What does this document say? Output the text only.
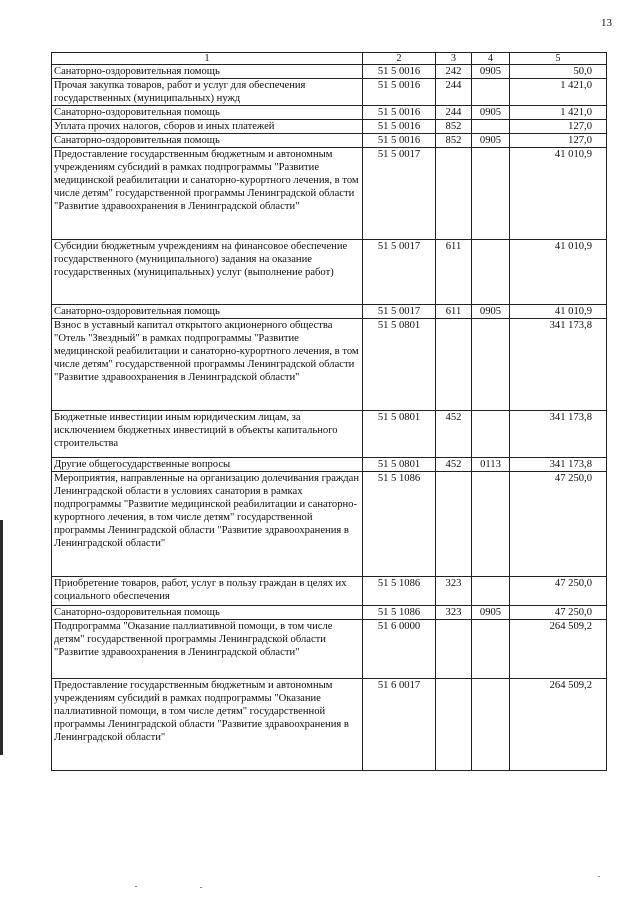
13
1	2	3	4	5
Санаторно-оздоровительная помощь	51 5 0016	242	0905	50,0
Прочая закупка товаров, работ и услуг для обеспечения государственных (муниципальных) нужд	51 5 0016	244		1 421,0
Санаторно-оздоровительная помощь	51 5 0016	244	0905	1 421,0
Уплата прочих налогов, сборов и иных платежей	51 5 0016	852		127,0
Санаторно-оздоровительная помощь	51 5 0016	852	0905	127,0
Предоставление государственным бюджетным и автономным учреждениям субсидий в рамках подпрограммы "Развитие медицинской реабилитации и санаторно-курортного лечения, в том числе детям" государственной программы Ленинградской области "Развитие здравоохранения в Ленинградской области"	51 5 0017			41 010,9
Субсидии бюджетным учреждениям на финансовое обеспечение государственного (муниципального) задания на оказание государственных (муниципальных) услуг (выполнение работ)	51 5 0017	611		41 010,9
Санаторно-оздоровительная помощь	51 5 0017	611	0905	41 010,9
Взнос в уставный капитал открытого акционерного общества "Отель "Звездный" в рамках подпрограммы "Развитие медицинской реабилитации и санаторно-курортного лечения, в том числе детям" государственной программы Ленинградской области "Развитие здравоохранения в Ленинградской области"	51 5 0801			341 173,8
Бюджетные инвестиции иным юридическим лицам, за исключением бюджетных инвестиций в объекты капитального строительства	51 5 0801	452		341 173,8
Другие общегосударственные вопросы	51 5 0801	452	0113	341 173,8
Мероприятия, направленные на организацию долечивания граждан Ленинградской области в условиях санатория в рамках подпрограммы "Развитие медицинской реабилитации и санаторно-курортного лечения, в том числе детям" государственной программы Ленинградской области "Развитие здравоохранения в Ленинградской области"	51 5 1086			47 250,0
Приобретение товаров, работ, услуг в пользу граждан в целях их социального обеспечения	51 5 1086	323		47 250,0
Санаторно-оздоровительная помощь	51 5 1086	323	0905	47 250,0
Подпрограмма "Оказание паллиативной помощи, в том числе детям" государственной программы Ленинградской области "Развитие здравоохранения в Ленинградской области"	51 6 0000			264 509,2
Предоставление государственным бюджетным и автономным учреждениям субсидий в рамках подпрограммы "Оказание паллиативной помощи, в том числе детям" государственной программы Ленинградской области "Развитие здравоохранения в Ленинградской области"	51 6 0017			264 509,2
